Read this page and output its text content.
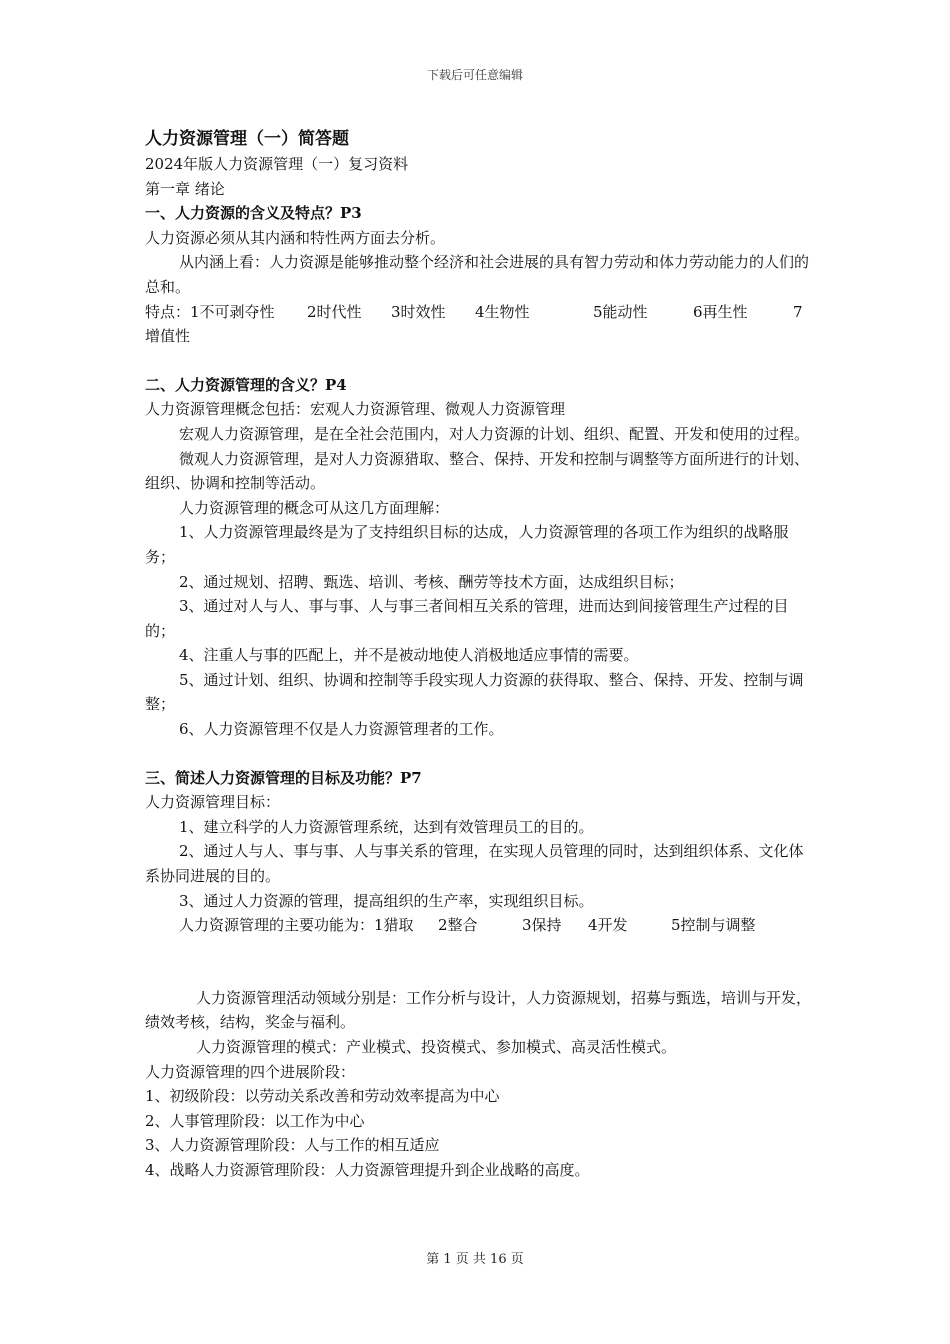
下载后可任意编辑

人力资源管理（一）简答题

2024年版人力资源管理（一）复习资料

第一章 绪论

一、人力资源的含义及特点？P3

人力资源必须从其内涵和特性两方面去分析。

从内涵上看：人力资源是能够推动整个经济和社会进展的具有智力劳动和体力劳动能力的人们的总和。

特点： 1不可剥夺性	2时代性	3时效性	4生物性	5能动性	6再生性	7

增值性

二、人力资源管理的含义？P4

人力资源管理概念包括：宏观人力资源管理、微观人力资源管理

宏观人力资源管理，是在全社会范围内，对人力资源的计划、组织、配置、开发和使用的过程。

微观人力资源管理，是对人力资源猎取、整合、保持、开发和控制与调整等方面所进行的计划、组织、协调和控制等活动。

人力资源管理的概念可从这几方面理解：

1、人力资源管理最终是为了支持组织目标的达成，人力资源管理的各项工作为组织的战略服务；

2、通过规划、招聘、甄选、培训、考核、酬劳等技术方面，达成组织目标；

3、通过对人与人、事与事、人与事三者间相互关系的管理，进而达到间接管理生产过程的目的；

4、注重人与事的匹配上，并不是被动地使人消极地适应事情的需要。

5、通过计划、组织、协调和控制等手段实现人力资源的获得取、整合、保持、开发、控制与调整；

6、人力资源管理不仅是人力资源管理者的工作。

三、简述人力资源管理的目标及功能？P7

人力资源管理目标：

1、建立科学的人力资源管理系统，达到有效管理员工的目的。

2、通过人与人、事与事、人与事关系的管理，在实现人员管理的同时，达到组织体系、文化体系协同进展的目的。

3、通过人力资源的管理，提高组织的生产率，实现组织目标。

人力资源管理的主要功能为： 1猎取	2整合	3保持	4开发	5控制与调整

人力资源管理活动领域分别是：工作分析与设计，人力资源规划，招募与甄选，培训与开发，绩效考核，结构，奖金与福利。

人力资源管理的模式：产业模式、投资模式、参加模式、高灵活性模式。

人力资源管理的四个进展阶段：

1、初级阶段：以劳动关系改善和劳动效率提高为中心

2、人事管理阶段：以工作为中心

3、人力资源管理阶段：人与工作的相互适应

4、战略人力资源管理阶段：人力资源管理提升到企业战略的高度。

第 1 页 共 16 页
